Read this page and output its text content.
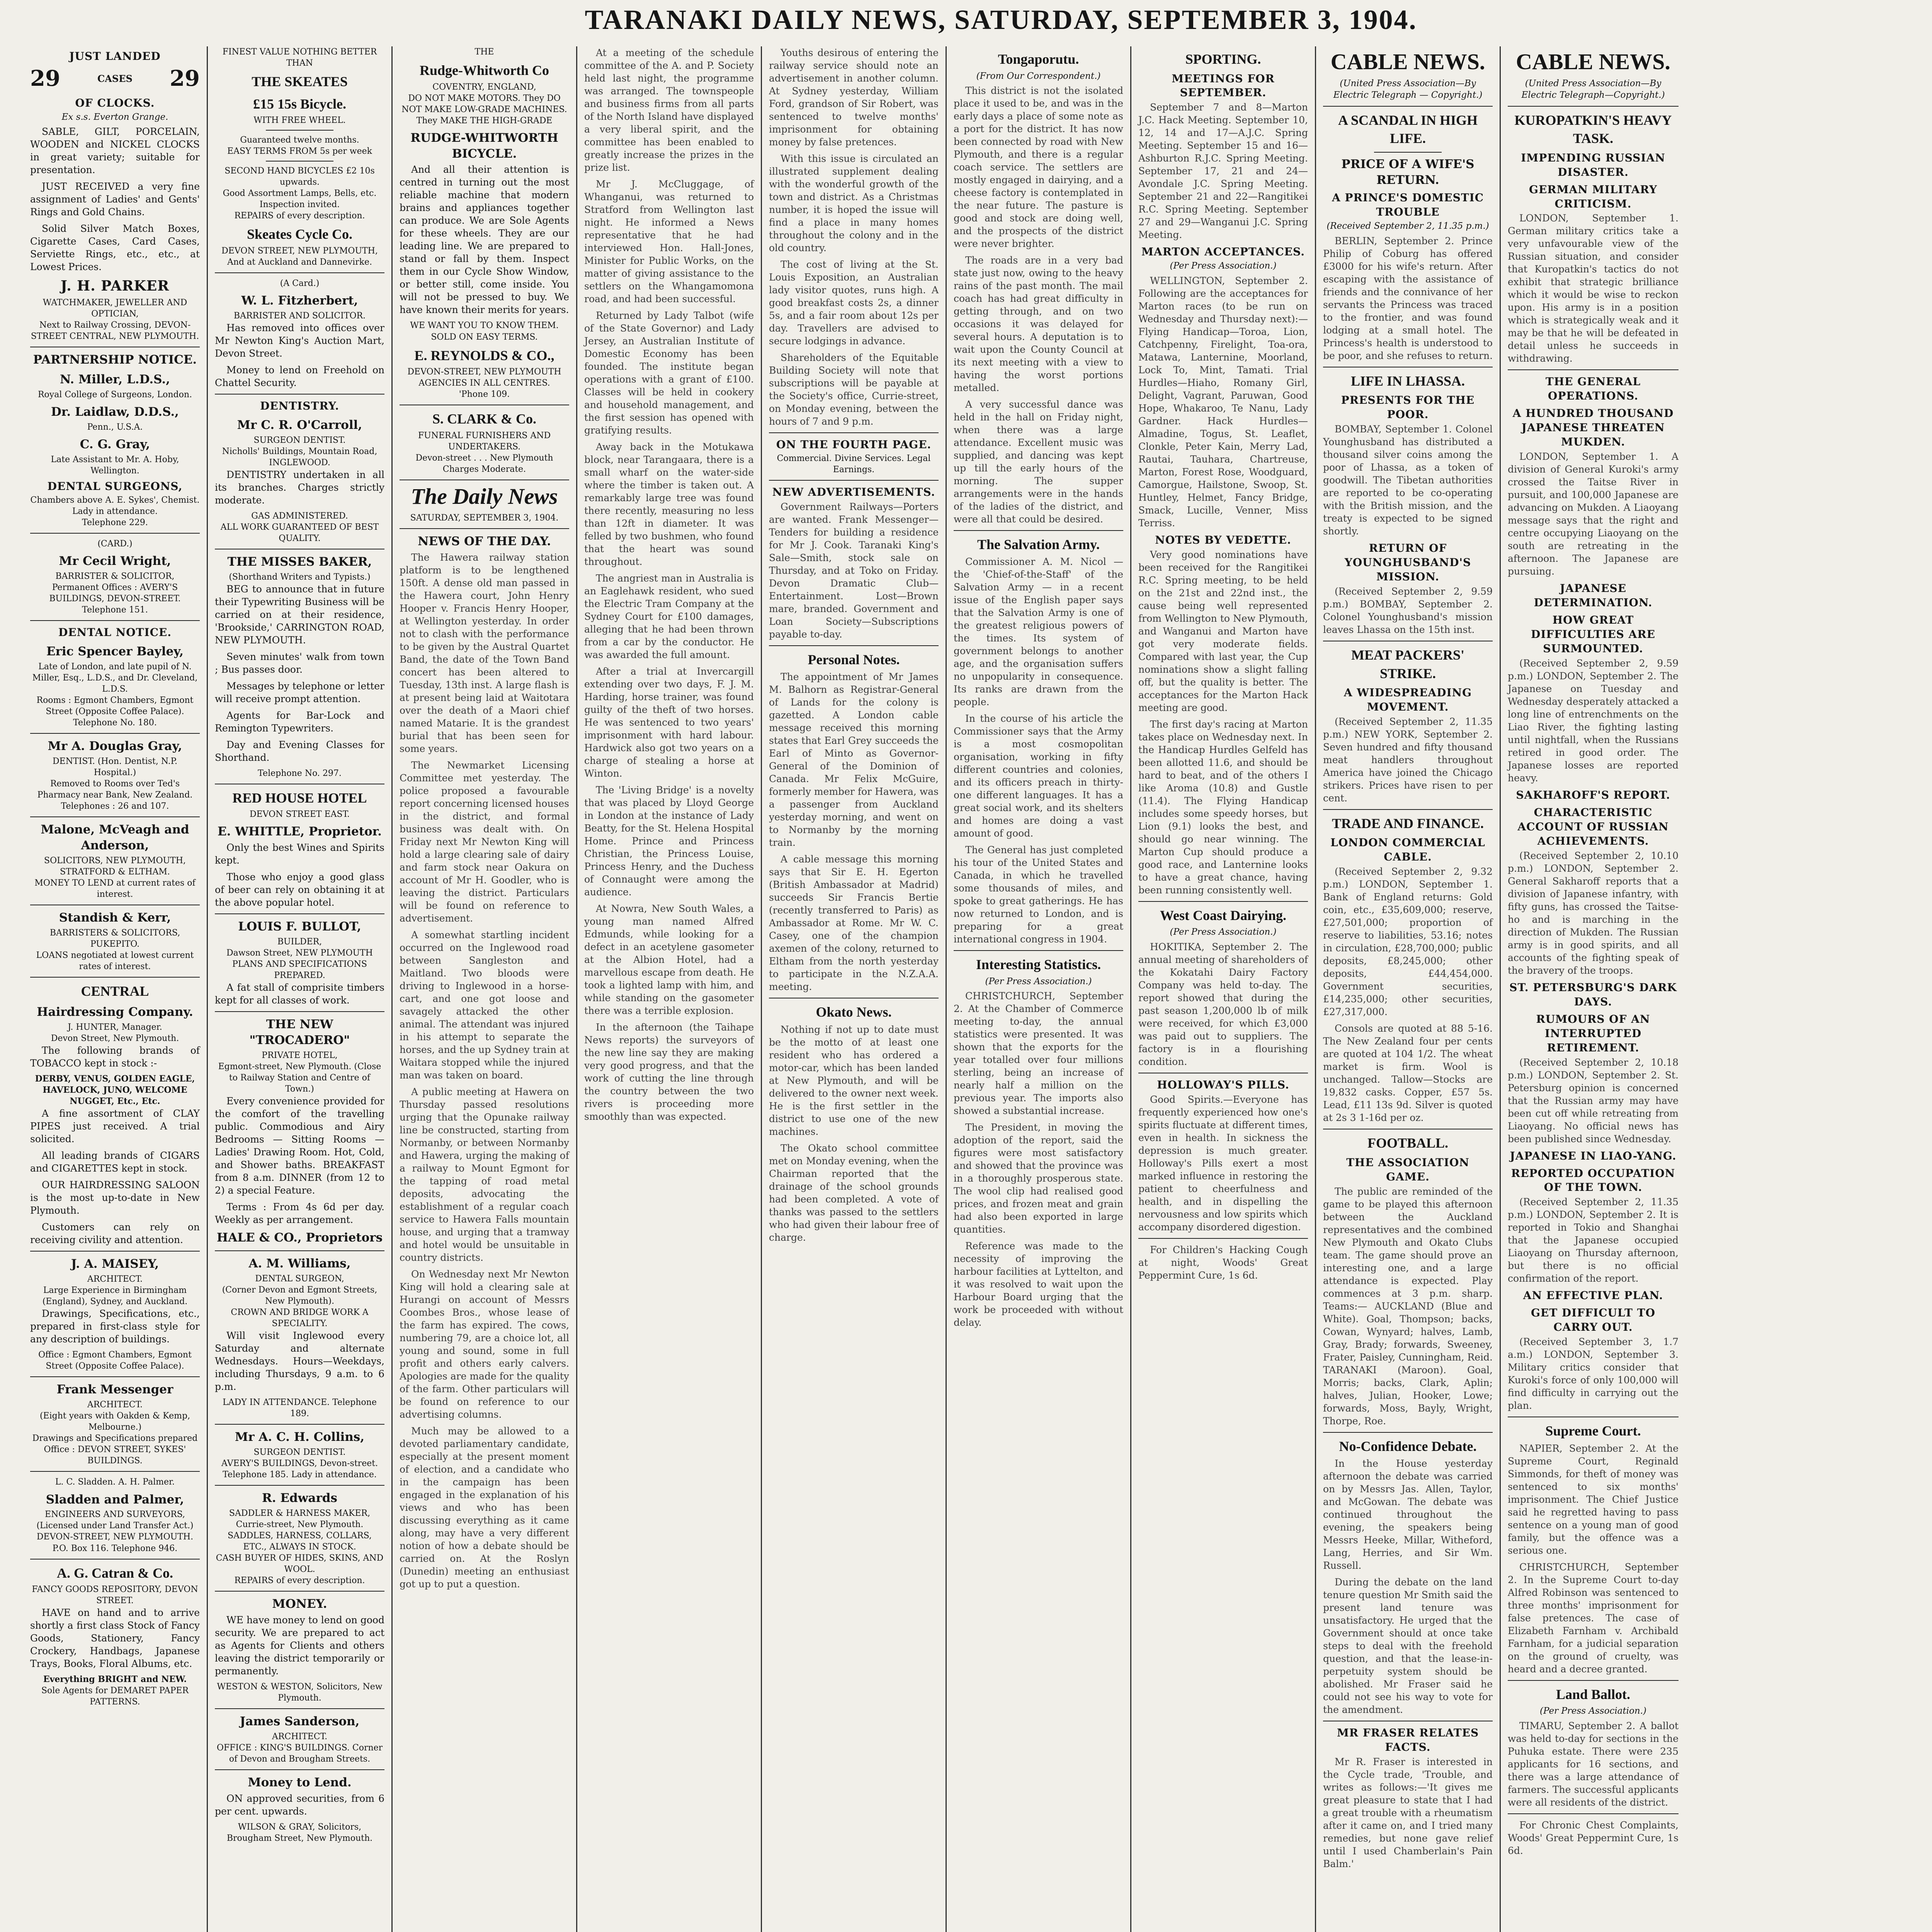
TARANAKI DAILY NEWS, SATURDAY, SEPTEMBER 3, 1904.
JUST LANDED
29	CASES 29
OF CLOCKS.
Ex s.s. Everton Grange.

SABLE, GILT, PORCELAIN, WOODEN and NICKEL CLOCKS in great variety; suitable for presentation.

JUST RECEIVED a very fine assignment of Ladies' and Gents' Rings and Gold Chains.

Solid Silver Match Boxes, Cigarette Cases, Card Cases, Serviette Rings, etc., etc., at Lowest Prices.

J. H. PARKER
WATCHMAKER, JEWELLER AND OPTICIAN,
Next to Railway Crossing, DEVON-STREET CENTRAL, NEW PLYMOUTH.
PARTNERSHIP NOTICE.
N. Miller, L.D.S.,
Royal College of Surgeons, London.
Dr. Laidlaw, D.D.S.,
Penn., U.S.A.
C. G. Gray,
Late Assistant to Mr. A. Hoby, Wellington.
DENTAL SURGEONS,
Chambers above A. E. Sykes', Chemist.
Lady in attendance.
Telephone 229.
(CARD.)
Mr Cecil Wright,
BARRISTER & SOLICITOR,
Permanent Offices : AVERY'S BUILDINGS, DEVON-STREET.
Telephone 151.
DENTAL NOTICE.
Eric Spencer Bayley,
Late of London, and late pupil of N. Miller, Esq., L.D.S., and Dr. Cleveland, L.D.S.
Rooms : Egmont Chambers, Egmont Street (Opposite Coffee Palace).
Telephone No. 180.
Mr A. Douglas Gray,
DENTIST. (Hon. Dentist, N.P. Hospital.)
Removed to Rooms over Ted's Pharmacy near Bank, New Zealand.
Telephones : 26 and 107.
Malone, McVeagh and Anderson,
SOLICITORS, NEW PLYMOUTH, STRATFORD & ELTHAM.
MONEY TO LEND at current rates of interest.
Standish & Kerr,
BARRISTERS & SOLICITORS, PUKEPITO.
LOANS negotiated at lowest current rates of interest.
CENTRAL
Hairdressing Company.
J. HUNTER, Manager.
Devon Street, New Plymouth.

The following brands of TOBACCO kept in stock :-

DERBY, VENUS, GOLDEN EAGLE, HAVELOCK, JUNO, WELCOME NUGGET, Etc., Etc.

A fine assortment of CLAY PIPES just received. A trial solicited.

All leading brands of CIGARS and CIGARETTES kept in stock.

OUR HAIRDRESSING SALOON is the most up-to-date in New Plymouth.

Customers can rely on receiving civility and attention.

J. A. MAISEY,
ARCHITECT.
Large Experience in Birmingham (England), Sydney, and Auckland.

Drawings, Specifications, etc., prepared in first-class style for any description of buildings.

Office : Egmont Chambers, Egmont Street (Opposite Coffee Palace).
Frank Messenger
ARCHITECT.
(Eight years with Oakden & Kemp, Melbourne.)
Drawings and Specifications prepared
Office : DEVON STREET, SYKES' BUILDINGS.
L. C. Sladden. A. H. Palmer.
Sladden and Palmer,
ENGINEERS AND SURVEYORS,
(Licensed under Land Transfer Act.)
DEVON-STREET, NEW PLYMOUTH.
P.O. Box 116. Telephone 946.
A. G. Catran & Co.
FANCY GOODS REPOSITORY, DEVON STREET.

HAVE on hand and to arrive shortly a first class Stock of Fancy Goods, Stationery, Fancy Crockery, Handbags, Japanese Trays, Books, Floral Albums, etc.

Everything BRIGHT and NEW.
Sole Agents for DEMARET PAPER PATTERNS.
FINEST VALUE NOTHING BETTER THAN
THE SKEATES
£15 15s Bicycle.
WITH FREE WHEEL.
Guaranteed twelve months.
EASY TERMS FROM 5s per week
SECOND HAND BICYCLES £2 10s upwards.
Good Assortment Lamps, Bells, etc.
Inspection invited.
REPAIRS of every description.
Skeates Cycle Co.
DEVON STREET, NEW PLYMOUTH, And at Auckland and Dannevirke.
(A Card.)
W. L. Fitzherbert,
BARRISTER AND SOLICITOR.

Has removed into offices over Mr Newton King's Auction Mart, Devon Street.

Money to lend on Freehold on Chattel Security.

DENTISTRY.
Mr C. R. O'Carroll,
SURGEON DENTIST.
Nicholls' Buildings, Mountain Road, INGLEWOOD.

DENTISTRY undertaken in all its branches. Charges strictly moderate.

GAS ADMINISTERED.
ALL WORK GUARANTEED OF BEST QUALITY.
THE MISSES BAKER,
(Shorthand Writers and Typists.)

BEG to announce that in future their Typewriting Business will be carried on at their residence, 'Brookside,' CARRINGTON ROAD, NEW PLYMOUTH.

Seven minutes' walk from town ; Bus passes door.

Messages by telephone or letter will receive prompt attention.

Agents for Bar-Lock and Remington Typewriters.

Day and Evening Classes for Shorthand.

Telephone No. 297.
RED HOUSE HOTEL
DEVON STREET EAST.
E. WHITTLE, Proprietor.

Only the best Wines and Spirits kept.

Those who enjoy a good glass of beer can rely on obtaining it at the above popular hotel.

LOUIS F. BULLOT,
BUILDER,
Dawson Street, NEW PLYMOUTH
PLANS AND SPECIFICATIONS PREPARED.

A fat stall of comprisite timbers kept for all classes of work.

THE NEW "TROCADERO"
PRIVATE HOTEL,
Egmont-street, New Plymouth. (Close to Railway Station and Centre of Town.)

Every convenience provided for the comfort of the travelling public. Commodious and Airy Bedrooms — Sitting Rooms — Ladies' Drawing Room. Hot, Cold, and Shower baths. BREAKFAST from 8 a.m. DINNER (from 12 to 2) a special Feature.

Terms : From 4s 6d per day. Weekly as per arrangement.

HALE & CO., Proprietors
A. M. Williams,
DENTAL SURGEON,
(Corner Devon and Egmont Streets, New Plymouth).
CROWN AND BRIDGE WORK A SPECIALITY.

Will visit Inglewood every Saturday and alternate Wednesdays. Hours—Weekdays, including Thursdays, 9 a.m. to 6 p.m.

LADY IN ATTENDANCE. Telephone 189.
Mr A. C. H. Collins,
SURGEON DENTIST.
AVERY'S BUILDINGS, Devon-street.
Telephone 185. Lady in attendance.
R. Edwards
SADDLER & HARNESS MAKER, Currie-street, New Plymouth.
SADDLES, HARNESS, COLLARS, ETC., ALWAYS IN STOCK.
CASH BUYER OF HIDES, SKINS, AND WOOL.
REPAIRS of every description.
MONEY.

WE have money to lend on good security. We are prepared to act as Agents for Clients and others leaving the district temporarily or permanently.

WESTON & WESTON, Solicitors, New Plymouth.
James Sanderson,
ARCHITECT.
OFFICE : KING'S BUILDINGS. Corner of Devon and Brougham Streets.
Money to Lend.

ON approved securities, from 6 per cent. upwards.

WILSON & GRAY, Solicitors, Brougham Street, New Plymouth.
THE
Rudge-Whitworth Co
COVENTRY, ENGLAND,
DO NOT MAKE MOTORS. They DO NOT MAKE LOW-GRADE MACHINES. They MAKE THE HIGH-GRADE
RUDGE-WHITWORTH BICYCLE.

And all their attention is centred in turning out the most reliable machine that modern brains and appliances together can produce. We are Sole Agents for these wheels. They are our leading line. We are prepared to stand or fall by them. Inspect them in our Cycle Show Window, or better still, come inside. You will not be pressed to buy. We have known their merits for years.

WE WANT YOU TO KNOW THEM.
SOLD ON EASY TERMS.
E. REYNOLDS & CO.,
DEVON-STREET, NEW PLYMOUTH
AGENCIES IN ALL CENTRES.
'Phone 109.
S. CLARK & Co.
FUNERAL FURNISHERS AND UNDERTAKERS.
Devon-street . . . New Plymouth
Charges Moderate.
The Daily News
SATURDAY, SEPTEMBER 3, 1904.
NEWS OF THE DAY.

The Hawera railway station platform is to be lengthened 150ft. A dense old man passed in the Hawera court, John Henry Hooper v. Francis Henry Hooper, at Wellington yesterday. In order not to clash with the performance to be given by the Austral Quartet Band, the date of the Town Band concert has been altered to Tuesday, 13th inst. A large flash is at present being laid at Waitotara over the death of a Maori chief named Matarie. It is the grandest burial that has been seen for some years.

The Newmarket Licensing Committee met yesterday. The police proposed a favourable report concerning licensed houses in the district, and formal business was dealt with. On Friday next Mr Newton King will hold a large clearing sale of dairy and farm stock near Oakura on account of Mr H. Goodler, who is leaving the district. Particulars will be found on reference to advertisement.

A somewhat startling incident occurred on the Inglewood road between Sangleston and Maitland. Two bloods were driving to Inglewood in a horse-cart, and one got loose and savagely attacked the other animal. The attendant was injured in his attempt to separate the horses, and the up Sydney train at Waitara stopped while the injured man was taken on board.

A public meeting at Hawera on Thursday passed resolutions urging that the Opunake railway line be constructed, starting from Normanby, or between Normanby and Hawera, urging the making of a railway to Mount Egmont for the tapping of road metal deposits, advocating the establishment of a regular coach service to Hawera Falls mountain house, and urging that a tramway and hotel would be unsuitable in country districts.

On Wednesday next Mr Newton King will hold a clearing sale at Hurangi on account of Messrs Coombes Bros., whose lease of the farm has expired. The cows, numbering 79, are a choice lot, all young and sound, some in full profit and others early calvers. Apologies are made for the quality of the farm. Other particulars will be found on reference to our advertising columns.

Much may be allowed to a devoted parliamentary candidate, especially at the present moment of election, and a candidate who in the campaign has been engaged in the explanation of his views and who has been discussing everything as it came along, may have a very different notion of how a debate should be carried on. At the Roslyn (Dunedin) meeting an enthusiast got up to put a question.

At a meeting of the schedule committee of the A. and P. Society held last night, the programme was arranged. The townspeople and business firms from all parts of the North Island have displayed a very liberal spirit, and the committee has been enabled to greatly increase the prizes in the prize list.

Mr J. McCluggage, of Whanganui, was returned to Stratford from Wellington last night. He informed a News representative that he had interviewed Hon. Hall-Jones, Minister for Public Works, on the matter of giving assistance to the settlers on the Whangamomona road, and had been successful.

Returned by Lady Talbot (wife of the State Governor) and Lady Jersey, an Australian Institute of Domestic Economy has been founded. The institute began operations with a grant of £100. Classes will be held in cookery and household management, and the first session has opened with gratifying results.

Away back in the Motukawa block, near Tarangaara, there is a small wharf on the water-side where the timber is taken out. A remarkably large tree was found there recently, measuring no less than 12ft in diameter. It was felled by two bushmen, who found that the heart was sound throughout.

The angriest man in Australia is an Eaglehawk resident, who sued the Electric Tram Company at the Sydney Court for £100 damages, alleging that he had been thrown from a car by the conductor. He was awarded the full amount.

After a trial at Invercargill extending over two days, F. J. M. Harding, horse trainer, was found guilty of the theft of two horses. He was sentenced to two years' imprisonment with hard labour. Hardwick also got two years on a charge of stealing a horse at Winton.

The 'Living Bridge' is a novelty that was placed by Lloyd George in London at the instance of Lady Beatty, for the St. Helena Hospital Home. Prince and Princess Christian, the Princess Louise, Princess Henry, and the Duchess of Connaught were among the audience.

At Nowra, New South Wales, a young man named Alfred Edmunds, while looking for a defect in an acetylene gasometer at the Albion Hotel, had a marvellous escape from death. He took a lighted lamp with him, and while standing on the gasometer there was a terrible explosion.

In the afternoon (the Taihape News reports) the surveyors of the new line say they are making very good progress, and that the work of cutting the line through the country between the two rivers is proceeding more smoothly than was expected.

Youths desirous of entering the railway service should note an advertisement in another column. At Sydney yesterday, William Ford, grandson of Sir Robert, was sentenced to twelve months' imprisonment for obtaining money by false pretences.

With this issue is circulated an illustrated supplement dealing with the wonderful growth of the town and district. As a Christmas number, it is hoped the issue will find a place in many homes throughout the colony and in the old country.

The cost of living at the St. Louis Exposition, an Australian lady visitor quotes, runs high. A good breakfast costs 2s, a dinner 5s, and a fair room about 12s per day. Travellers are advised to secure lodgings in advance.

Shareholders of the Equitable Building Society will note that subscriptions will be payable at the Society's office, Currie-street, on Monday evening, between the hours of 7 and 9 p.m.

ON THE FOURTH PAGE.
Commercial. Divine Services. Legal Earnings.
NEW ADVERTISEMENTS.

Government Railways—Porters are wanted. Frank Messenger—Tenders for building a residence for Mr J. Cook. Taranaki King's Sale—Smith, stock sale on Thursday, and at Toko on Friday. Devon Dramatic Club—Entertainment. Lost—Brown mare, branded. Government and Loan Society—Subscriptions payable to-day.

Personal Notes.

The appointment of Mr James M. Balhorn as Registrar-General of Lands for the colony is gazetted. A London cable message received this morning states that Earl Grey succeeds the Earl of Minto as Governor-General of the Dominion of Canada. Mr Felix McGuire, formerly member for Hawera, was a passenger from Auckland yesterday morning, and went on to Normanby by the morning train.

A cable message this morning says that Sir E. H. Egerton (British Ambassador at Madrid) succeeds Sir Francis Bertie (recently transferred to Paris) as Ambassador at Rome. Mr W. C. Casey, one of the champion axemen of the colony, returned to Eltham from the north yesterday to participate in the N.Z.A.A. meeting.

Okato News.

Nothing if not up to date must be the motto of at least one resident who has ordered a motor-car, which has been landed at New Plymouth, and will be delivered to the owner next week. He is the first settler in the district to use one of the new machines.

The Okato school committee met on Monday evening, when the Chairman reported that the drainage of the school grounds had been completed. A vote of thanks was passed to the settlers who had given their labour free of charge.

Tongaporutu.
(From Our Correspondent.)

This district is not the isolated place it used to be, and was in the early days a place of some note as a port for the district. It has now been connected by road with New Plymouth, and there is a regular coach service. The settlers are mostly engaged in dairying, and a cheese factory is contemplated in the near future. The pasture is good and stock are doing well, and the prospects of the district were never brighter.

The roads are in a very bad state just now, owing to the heavy rains of the past month. The mail coach has had great difficulty in getting through, and on two occasions it was delayed for several hours. A deputation is to wait upon the County Council at its next meeting with a view to having the worst portions metalled.

A very successful dance was held in the hall on Friday night, when there was a large attendance. Excellent music was supplied, and dancing was kept up till the early hours of the morning. The supper arrangements were in the hands of the ladies of the district, and were all that could be desired.

The Salvation Army.

Commissioner A. M. Nicol — the 'Chief-of-the-Staff' of the Salvation Army — in a recent issue of the English paper says that the Salvation Army is one of the greatest religious powers of the times. Its system of government belongs to another age, and the organisation suffers no unpopularity in consequence. Its ranks are drawn from the people.

In the course of his article the Commissioner says that the Army is a most cosmopolitan organisation, working in fifty different countries and colonies, and its officers preach in thirty-one different languages. It has a great social work, and its shelters and homes are doing a vast amount of good.

The General has just completed his tour of the United States and Canada, in which he travelled some thousands of miles, and spoke to great gatherings. He has now returned to London, and is preparing for a great international congress in 1904.

Interesting Statistics.
(Per Press Association.)

CHRISTCHURCH, September 2. At the Chamber of Commerce meeting to-day, the annual statistics were presented. It was shown that the exports for the year totalled over four millions sterling, being an increase of nearly half a million on the previous year. The imports also showed a substantial increase.

The President, in moving the adoption of the report, said the figures were most satisfactory and showed that the province was in a thoroughly prosperous state. The wool clip had realised good prices, and frozen meat and grain had also been exported in large quantities.

Reference was made to the necessity of improving the harbour facilities at Lyttelton, and it was resolved to wait upon the Harbour Board urging that the work be proceeded with without delay.

SPORTING.
MEETINGS FOR SEPTEMBER.

September 7 and 8—Marton J.C. Hack Meeting. September 10, 12, 14 and 17—A.J.C. Spring Meeting. September 15 and 16—Ashburton R.J.C. Spring Meeting. September 17, 21 and 24—Avondale J.C. Spring Meeting. September 21 and 22—Rangitikei R.C. Spring Meeting. September 27 and 29—Wanganui J.C. Spring Meeting.

MARTON ACCEPTANCES.
(Per Press Association.)

WELLINGTON, September 2. Following are the acceptances for Marton races (to be run on Wednesday and Thursday next):— Flying Handicap—Toroa, Lion, Catchpenny, Firelight, Toa-ora, Matawa, Lanternine, Moorland, Lock To, Mint, Tamati. Trial Hurdles—Hiaho, Romany Girl, Delight, Vagrant, Paruwan, Good Hope, Whakaroo, Te Nanu, Lady Gardner. Hack Hurdles—Almadine, Togus, St. Leaflet, Clonkle, Peter Kain, Merry Lad, Rautai, Tauhara, Chartreuse, Marton, Forest Rose, Woodguard, Camorgue, Hailstone, Swoop, St. Huntley, Helmet, Fancy Bridge, Smack, Lucille, Venner, Miss Terriss.

NOTES BY VEDETTE.

Very good nominations have been received for the Rangitikei R.C. Spring meeting, to be held on the 21st and 22nd inst., the cause being well represented from Wellington to New Plymouth, and Wanganui and Marton have got very moderate fields. Compared with last year, the Cup nominations show a slight falling off, but the quality is better. The acceptances for the Marton Hack meeting are good.

The first day's racing at Marton takes place on Wednesday next. In the Handicap Hurdles Gelfeld has been allotted 11.6, and should be hard to beat, and of the others I like Aroma (10.8) and Gustle (11.4). The Flying Handicap includes some speedy horses, but Lion (9.1) looks the best, and should go near winning. The Marton Cup should produce a good race, and Lanternine looks to have a great chance, having been running consistently well.

West Coast Dairying.
(Per Press Association.)

HOKITIKA, September 2. The annual meeting of shareholders of the Kokatahi Dairy Factory Company was held to-day. The report showed that during the past season 1,200,000 lb of milk were received, for which £3,000 was paid out to suppliers. The factory is in a flourishing condition.

HOLLOWAY'S PILLS.

Good Spirits.—Everyone has frequently experienced how one's spirits fluctuate at different times, even in health. In sickness the depression is much greater. Holloway's Pills exert a most marked influence in restoring the patient to cheerfulness and health, and in dispelling the nervousness and low spirits which accompany disordered digestion.

For Children's Hacking Cough at night, Woods' Great Peppermint Cure, 1s 6d.

CABLE NEWS.
(United Press Association—By Electric Telegraph — Copyright.)
A SCANDAL IN HIGH LIFE.
PRICE OF A WIFE'S RETURN.
A PRINCE'S DOMESTIC TROUBLE
(Received September 2, 11.35 p.m.)

BERLIN, September 2. Prince Philip of Coburg has offered £3000 for his wife's return. After escaping with the assistance of friends and the connivance of her servants the Princess was traced to the frontier, and was found lodging at a small hotel. The Princess's health is understood to be poor, and she refuses to return.

LIFE IN LHASSA.
PRESENTS FOR THE POOR.

BOMBAY, September 1. Colonel Younghusband has distributed a thousand silver coins among the poor of Lhassa, as a token of goodwill. The Tibetan authorities are reported to be co-operating with the British mission, and the treaty is expected to be signed shortly.

RETURN OF YOUNGHUSBAND'S MISSION.

(Received September 2, 9.59 p.m.) BOMBAY, September 2. Colonel Younghusband's mission leaves Lhassa on the 15th inst.

MEAT PACKERS' STRIKE.
A WIDESPREADING MOVEMENT.

(Received September 2, 11.35 p.m.) NEW YORK, September 2. Seven hundred and fifty thousand meat handlers throughout America have joined the Chicago strikers. Prices have risen to per cent.

TRADE AND FINANCE.
LONDON COMMERCIAL CABLE.

(Received September 2, 9.32 p.m.) LONDON, September 1. Bank of England returns: Gold coin, etc., £35,609,000; reserve, £27,501,000; proportion of reserve to liabilities, 53.16; notes in circulation, £28,700,000; public deposits, £8,245,000; other deposits, £44,454,000. Government securities, £14,235,000; other securities, £27,317,000.

Consols are quoted at 88 5-16. The New Zealand four per cents are quoted at 104 1/2. The wheat market is firm. Wool is unchanged. Tallow—Stocks are 19,832 casks. Copper, £57 5s. Lead, £11 13s 9d. Silver is quoted at 2s 3 1-16d per oz.

FOOTBALL.
THE ASSOCIATION GAME.

The public are reminded of the game to be played this afternoon between the Auckland representatives and the combined New Plymouth and Okato Clubs team. The game should prove an interesting one, and a large attendance is expected. Play commences at 3 p.m. sharp. Teams:— AUCKLAND (Blue and White). Goal, Thompson; backs, Cowan, Wynyard; halves, Lamb, Gray, Brady; forwards, Sweeney, Frater, Paisley, Cunningham, Reid. TARANAKI (Maroon). Goal, Morris; backs, Clark, Aplin; halves, Julian, Hooker, Lowe; forwards, Moss, Bayly, Wright, Thorpe, Roe.

No-Confidence Debate.

In the House yesterday afternoon the debate was carried on by Messrs Jas. Allen, Taylor, and McGowan. The debate was continued throughout the evening, the speakers being Messrs Heeke, Millar, Witheford, Lang, Herries, and Sir Wm. Russell.

During the debate on the land tenure question Mr Smith said the present land tenure was unsatisfactory. He urged that the Government should at once take steps to deal with the freehold question, and that the lease-in-perpetuity system should be abolished. Mr Fraser said he could not see his way to vote for the amendment.

MR FRASER RELATES FACTS.

Mr R. Fraser is interested in the Cycle trade, 'Trouble, and writes as follows:—'It gives me great pleasure to state that I had a great trouble with a rheumatism after it came on, and I tried many remedies, but none gave relief until I used Chamberlain's Pain Balm.'

CABLE NEWS.
(United Press Association—By Electric Telegraph—Copyright.)
KUROPATKIN'S HEAVY TASK.
IMPENDING RUSSIAN DISASTER.
GERMAN MILITARY CRITICISM.

LONDON, September 1. German military critics take a very unfavourable view of the Russian situation, and consider that Kuropatkin's tactics do not exhibit that strategic brilliance which it would be wise to reckon upon. His army is in a position which is strategically weak and it may be that he will be defeated in detail unless he succeeds in withdrawing.

THE GENERAL OPERATIONS.
A HUNDRED THOUSAND JAPANESE THREATEN MUKDEN.

LONDON, September 1. A division of General Kuroki's army crossed the Taitse River in pursuit, and 100,000 Japanese are advancing on Mukden. A Liaoyang message says that the right and centre occupying Liaoyang on the south are retreating in the afternoon. The Japanese are pursuing.

JAPANESE DETERMINATION.
HOW GREAT DIFFICULTIES ARE SURMOUNTED.

(Received September 2, 9.59 p.m.) LONDON, September 2. The Japanese on Tuesday and Wednesday desperately attacked a long line of entrenchments on the Liao River, the fighting lasting until nightfall, when the Russians retired in good order. The Japanese losses are reported heavy.

SAKHAROFF'S REPORT.
CHARACTERISTIC ACCOUNT OF RUSSIAN ACHIEVEMENTS.

(Received September 2, 10.10 p.m.) LONDON, September 2. General Sakharoff reports that a division of Japanese infantry, with fifty guns, has crossed the Taitse-ho and is marching in the direction of Mukden. The Russian army is in good spirits, and all accounts of the fighting speak of the bravery of the troops.

ST. PETERSBURG'S DARK DAYS.
RUMOURS OF AN INTERRUPTED RETIREMENT.

(Received September 2, 10.18 p.m.) LONDON, September 2. St. Petersburg opinion is concerned that the Russian army may have been cut off while retreating from Liaoyang. No official news has been published since Wednesday.

JAPANESE IN LIAO-YANG.
REPORTED OCCUPATION OF THE TOWN.

(Received September 2, 11.35 p.m.) LONDON, September 2. It is reported in Tokio and Shanghai that the Japanese occupied Liaoyang on Thursday afternoon, but there is no official confirmation of the report.

AN EFFECTIVE PLAN.
GET DIFFICULT TO CARRY OUT.

(Received September 3, 1.7 a.m.) LONDON, September 3. Military critics consider that Kuroki's force of only 100,000 will find difficulty in carrying out the plan.

Supreme Court.

NAPIER, September 2. At the Supreme Court, Reginald Simmonds, for theft of money was sentenced to six months' imprisonment. The Chief Justice said he regretted having to pass sentence on a young man of good family, but the offence was a serious one.

CHRISTCHURCH, September 2. In the Supreme Court to-day Alfred Robinson was sentenced to three months' imprisonment for false pretences. The case of Elizabeth Farnham v. Archibald Farnham, for a judicial separation on the ground of cruelty, was heard and a decree granted.

Land Ballot.
(Per Press Association.)

TIMARU, September 2. A ballot was held to-day for sections in the Puhuka estate. There were 235 applicants for 16 sections, and there was a large attendance of farmers. The successful applicants were all residents of the district.

For Chronic Chest Complaints, Woods' Great Peppermint Cure, 1s 6d.
